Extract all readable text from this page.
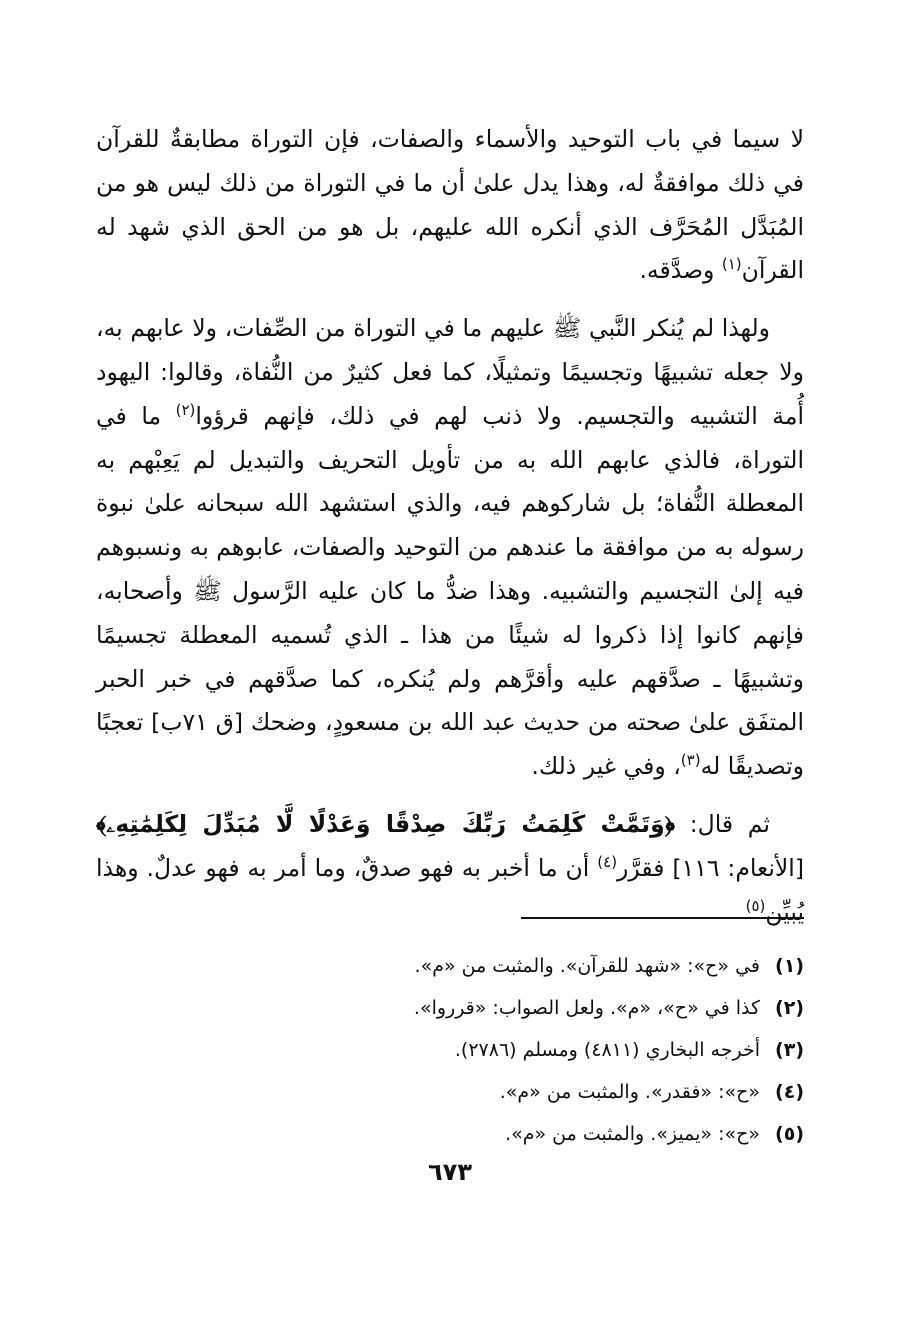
لا سيما في باب التوحيد والأسماء والصفات، فإن التوراة مطابقةٌ للقرآن في ذلك موافقةٌ له، وهذا يدل علىٰ أن ما في التوراة من ذلك ليس هو من المُبَدَّل المُحَرَّف الذي أنكره الله عليهم، بل هو من الحق الذي شهد له القرآن$^{(١)}$ وصدَّقه.

ولهذا لم يُنكر النَّبي ﷺ عليهم ما في التوراة من الصِّفات، ولا عابهم به، ولا جعله تشبيهًا وتجسيمًا وتمثيلًا، كما فعل كثيرٌ من النُّفاة، وقالوا: اليهود أُمة التشبيه والتجسيم. ولا ذنب لهم في ذلك، فإنهم قرؤوا$^{(٢)}$ ما في التوراة، فالذي عابهم الله به من تأويل التحريف والتبديل لم يَعِبْهم به المعطلة النُّفاة؛ بل شاركوهم فيه، والذي استشهد الله سبحانه علىٰ نبوة رسوله به من موافقة ما عندهم من التوحيد والصفات، عابوهم به ونسبوهم فيه إلىٰ التجسيم والتشبيه. وهذا ضدُّ ما كان عليه الرَّسول ﷺ وأصحابه، فإنهم كانوا إذا ذكروا له شيئًا من هذا ـ الذي تُسميه المعطلة تجسيمًا وتشبيهًا ـ صدَّقهم عليه وأقرَّهم ولم يُنكره، كما صدَّقهم في خبر الحبر المتفَق علىٰ صحته من حديث عبد الله بن مسعودٍ، وضحك [ق ٧١ب] تعجبًا وتصديقًا له$^{(٣)}$، وفي غير ذلك.

ثم قال: ﴿وَتَمَّتْ كَلِمَتُ رَبِّكَ صِدْقًا وَعَدْلًا لَّا مُبَدِّلَ لِكَلِمَٰتِهِۦ﴾ [الأنعام: ١١٦] فقرَّر$^{(٤)}$ أن ما أخبر به فهو صدقٌ، وما أمر به فهو عدلٌ. وهذا يُبيِّن$^{(٥)}$

(١)في «ح»: «شهد للقرآن». والمثبت من «م».
(٢)كذا في «ح»، «م». ولعل الصواب: «قرروا».
(٣)أخرجه البخاري (٤٨١١) ومسلم (٢٧٨٦).
(٤)«ح»: «فقدر». والمثبت من «م».
(٥)«ح»: «يميز». والمثبت من «م».
٦٧٣
